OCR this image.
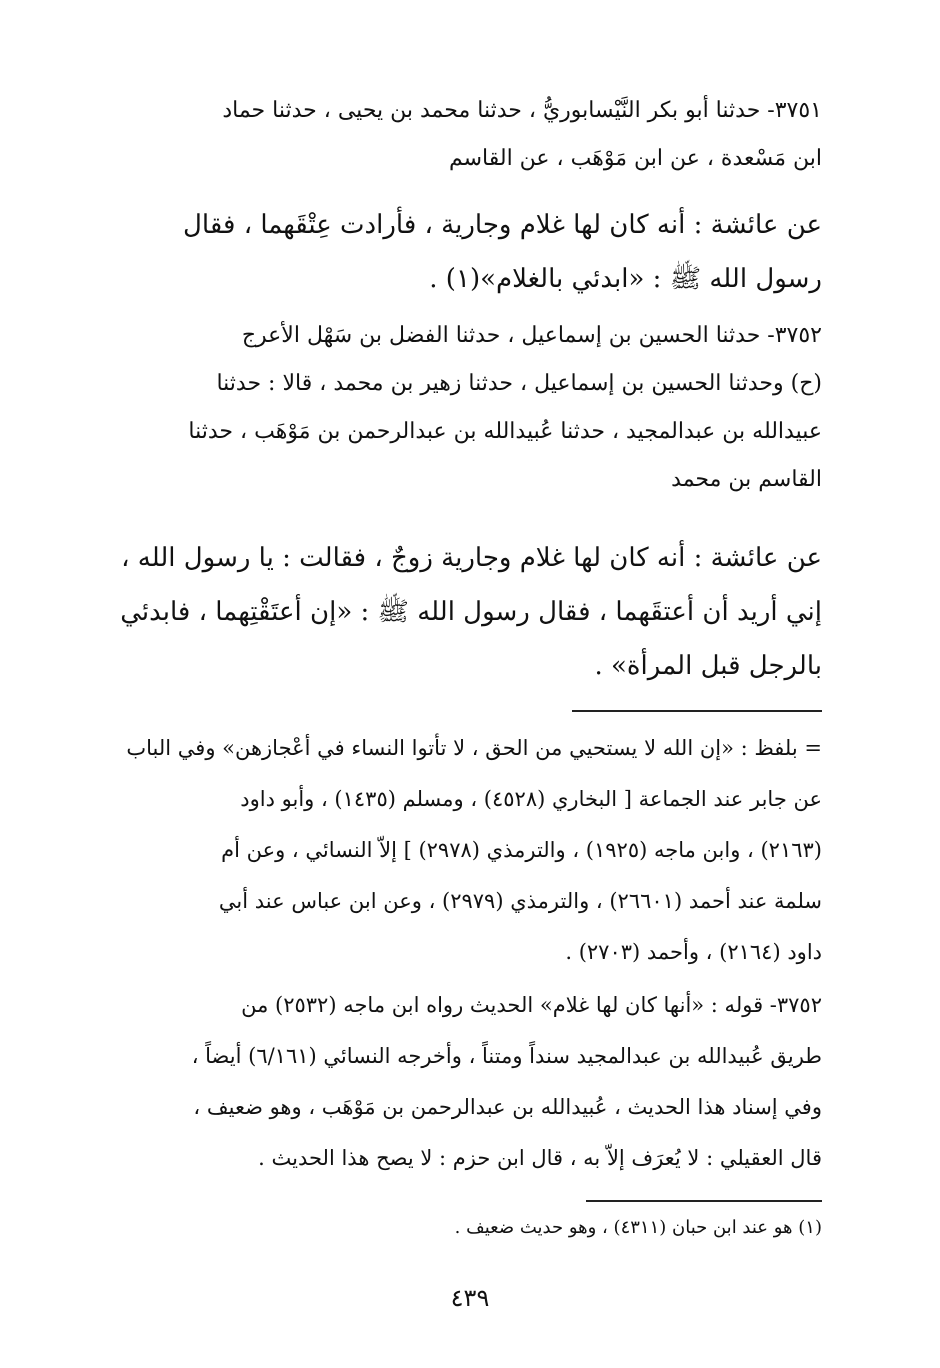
٣٧٥١- حدثنا أبو بكر النَّيْسابوريُّ ، حدثنا محمد بن يحيى ، حدثنا حماد
ابن مَسْعدة ، عن ابن مَوْهَب ، عن القاسم
عن عائشة : أنه كان لها غلام وجارية ، فأرادت عِتْقَهما ، فقال
رسول الله ﷺ : «ابدئي بالغلام»(١) .
٣٧٥٢- حدثنا الحسين بن إسماعيل ، حدثنا الفضل بن سَهْل الأعرج
(ح) وحدثنا الحسين بن إسماعيل ، حدثنا زهير بن محمد ، قالا : حدثنا
عبيدالله بن عبدالمجيد ، حدثنا عُبيدالله بن عبدالرحمن بن مَوْهَب ، حدثنا
القاسم بن محمد
عن عائشة : أنه كان لها غلام وجارية زوجٌ ، فقالت : يا رسول الله ،
إني أريد أن أعتقَهما ، فقال رسول الله ﷺ : «إن أعتَقْتِهما ، فابدئي
بالرجل قبل المرأة» .
= بلفظ : «إن الله لا يستحيي من الحق ، لا تأتوا النساء في أعْجازهن» وفي الباب
عن جابر عند الجماعة [ البخاري (٤٥٢٨) ، ومسلم (١٤٣٥) ، وأبو داود
(٢١٦٣) ، وابن ماجه (١٩٢٥) ، والترمذي (٢٩٧٨) ] إلاّ النسائي ، وعن أم
سلمة عند أحمد (٢٦٦٠١) ، والترمذي (٢٩٧٩) ، وعن ابن عباس عند أبي
داود (٢١٦٤) ، وأحمد (٢٧٠٣) .
٣٧٥٢- قوله : «أنها كان لها غلام» الحديث رواه ابن ماجه (٢٥٣٢) من
طريق عُبيدالله بن عبدالمجيد سنداً ومتناً ، وأخرجه النسائي (٦/١٦١) أيضاً ،
وفي إسناد هذا الحديث ، عُبيدالله بن عبدالرحمن بن مَوْهَب ، وهو ضعيف ،
قال العقيلي : لا يُعرَف إلاّ به ، قال ابن حزم : لا يصح هذا الحديث .
(١) هو عند ابن حبان (٤٣١١) ، وهو حديث ضعيف .
٤٣٩
